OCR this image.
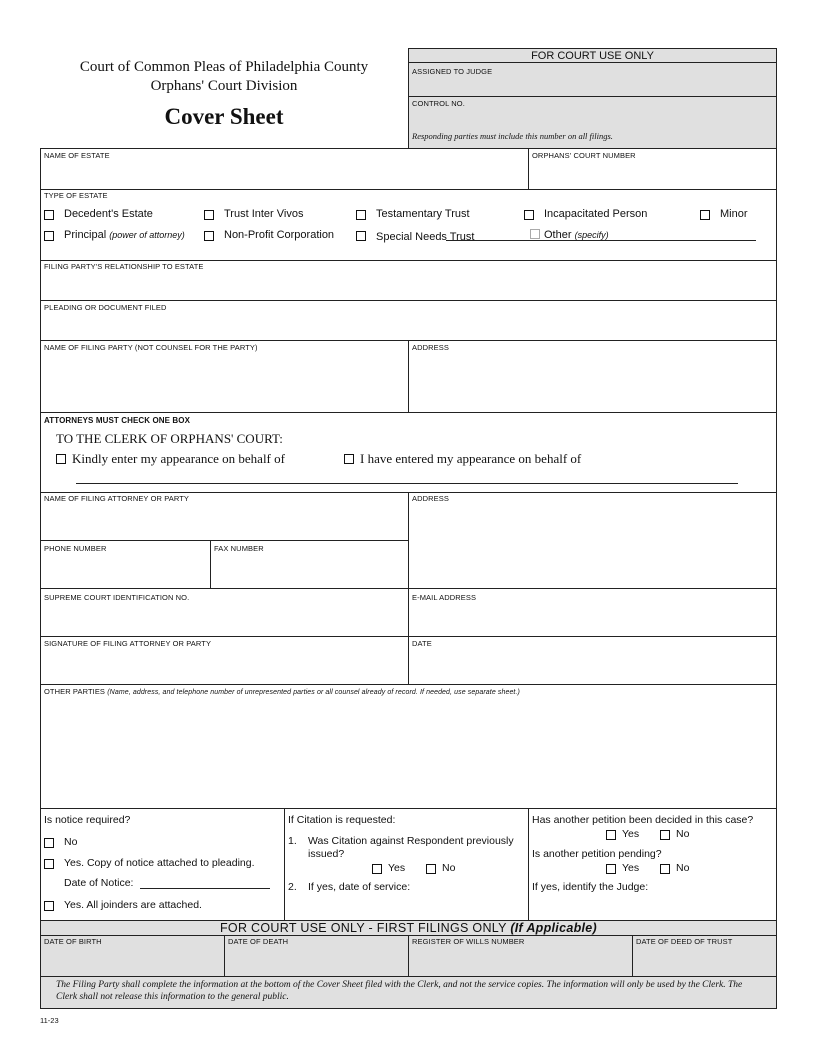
Court of Common Pleas of Philadelphia County
Orphans' Court Division
Cover Sheet
FOR COURT USE ONLY
ASSIGNED TO JUDGE
CONTROL NO.
Responding parties must include this number on all filings.
NAME OF ESTATE	ORPHANS' COURT NUMBER
TYPE OF ESTATE
Decedent's Estate	Trust Inter Vivos	Testamentary Trust	Incapacitated Person	Minor
Principal (power of attorney)	Non-Profit Corporation	Special Needs Trust	Other (specify)
FILING PARTY'S RELATIONSHIP TO ESTATE
PLEADING OR DOCUMENT FILED
NAME OF FILING PARTY (NOT COUNSEL FOR THE PARTY)	ADDRESS
ATTORNEYS MUST CHECK ONE BOX
TO THE CLERK OF ORPHANS' COURT:
Kindly enter my appearance on behalf of	I have entered my appearance on behalf of
NAME OF FILING ATTORNEY OR PARTY	ADDRESS
PHONE NUMBER	FAX NUMBER
SUPREME COURT IDENTIFICATION NO.	E-MAIL ADDRESS
SIGNATURE OF FILING ATTORNEY OR PARTY	DATE
OTHER PARTIES (Name, address, and telephone number of unrepresented parties or all counsel already of record. If needed, use separate sheet.)
Is notice required?
No
Yes. Copy of notice attached to pleading.
Date of Notice:
Yes. All joinders are attached.
If Citation is requested:
1. Was Citation against Respondent previously
issued?
Yes	No
2. If yes, date of service:
Has another petition been decided in this case?
Yes	No
Is another petition pending?
Yes	No
If yes, identify the Judge:
FOR COURT USE ONLY - FIRST FILINGS ONLY (If Applicable)
DATE OF BIRTH	DATE OF DEATH	REGISTER OF WILLS NUMBER	DATE OF DEED OF TRUST
The Filing Party shall complete the information at the bottom of the Cover Sheet filed with the Clerk, and not the service copies. The information will only be used by the Clerk. The Clerk shall not release this information to the general public.
11-23
